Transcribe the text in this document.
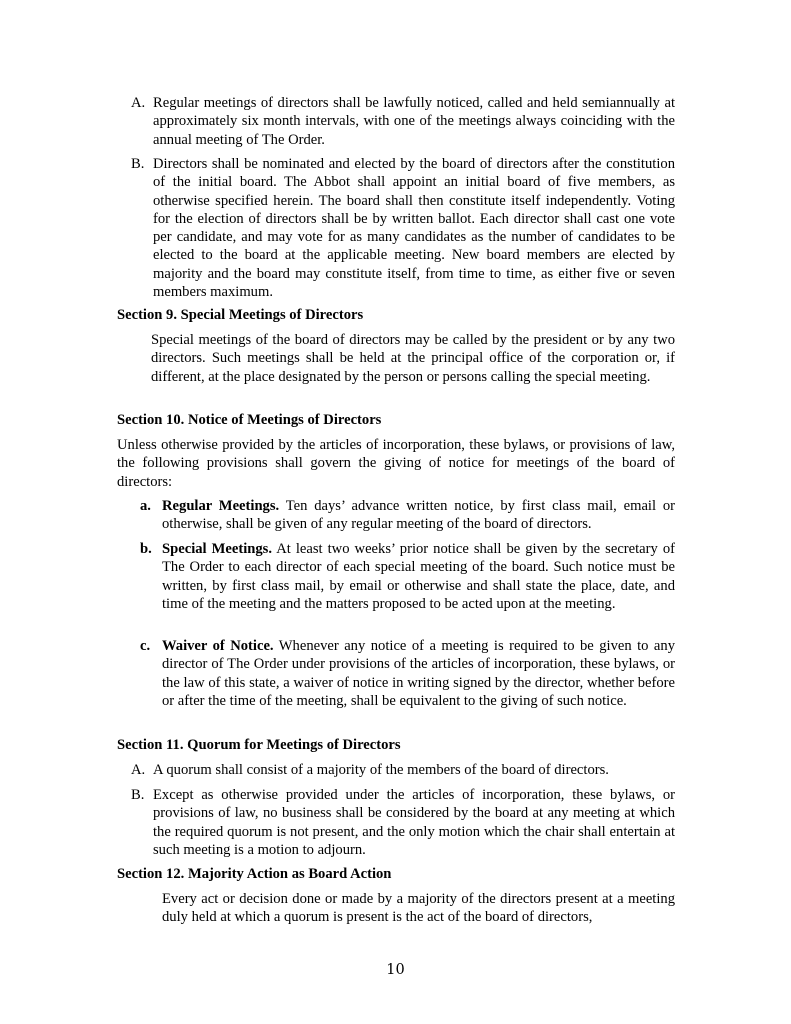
A. Regular meetings of directors shall be lawfully noticed, called and held semiannually at approximately six month intervals, with one of the meetings always coinciding with the annual meeting of The Order.
B. Directors shall be nominated and elected by the board of directors after the constitution of the initial board. The Abbot shall appoint an initial board of five members, as otherwise specified herein. The board shall then constitute itself independently. Voting for the election of directors shall be by written ballot. Each director shall cast one vote per candidate, and may vote for as many candidates as the number of candidates to be elected to the board at the applicable meeting. New board members are elected by majority and the board may constitute itself, from time to time, as either five or seven members maximum.
Section 9. Special Meetings of Directors
Special meetings of the board of directors may be called by the president or by any two directors. Such meetings shall be held at the principal office of the corporation or, if different, at the place designated by the person or persons calling the special meeting.
Section 10. Notice of Meetings of Directors
Unless otherwise provided by the articles of incorporation, these bylaws, or provisions of law, the following provisions shall govern the giving of notice for meetings of the board of directors:
a. Regular Meetings. Ten days’ advance written notice, by first class mail, email or otherwise, shall be given of any regular meeting of the board of directors.
b. Special Meetings. At least two weeks’ prior notice shall be given by the secretary of The Order to each director of each special meeting of the board. Such notice must be written, by first class mail, by email or otherwise and shall state the place, date, and time of the meeting and the matters proposed to be acted upon at the meeting.
c. Waiver of Notice. Whenever any notice of a meeting is required to be given to any director of The Order under provisions of the articles of incorporation, these bylaws, or the law of this state, a waiver of notice in writing signed by the director, whether before or after the time of the meeting, shall be equivalent to the giving of such notice.
Section 11. Quorum for Meetings of Directors
A. A quorum shall consist of a majority of the members of the board of directors.
B. Except as otherwise provided under the articles of incorporation, these bylaws, or provisions of law, no business shall be considered by the board at any meeting at which the required quorum is not present, and the only motion which the chair shall entertain at such meeting is a motion to adjourn.
Section 12. Majority Action as Board Action
Every act or decision done or made by a majority of the directors present at a meeting duly held at which a quorum is present is the act of the board of directors,
10
